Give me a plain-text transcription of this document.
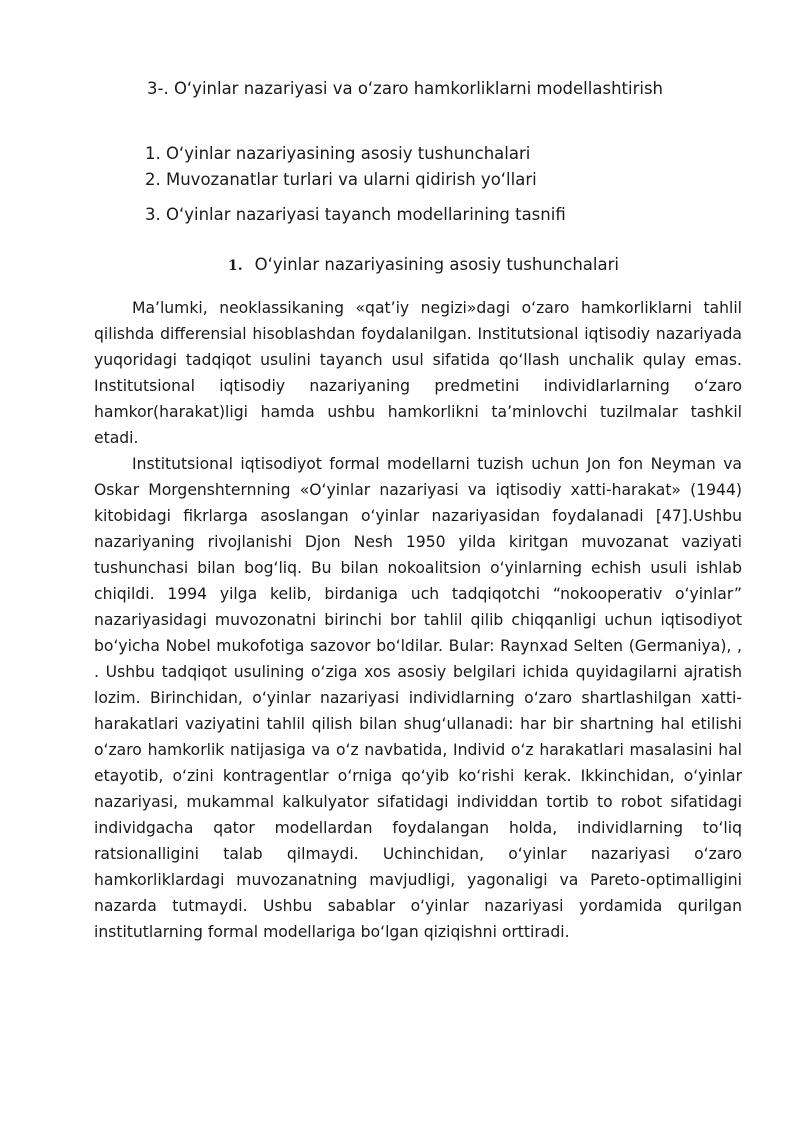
3-. O‘yinlar nazariyasi va o‘zaro hamkorliklarni modellashtirish
1. O‘yinlar nazariyasining asosiy tushunchalari
2. Muvozanatlar turlari va ularni qidirish yo‘llari
3. O‘yinlar nazariyasi tayanch modellarining tasnifi
1. O‘yinlar nazariyasining asosiy tushunchalari

Ma’lumki, neoklassikaning «qat’iy negizi»dagi o‘zaro hamkorliklarni tahlil qilishda differensial hisoblashdan foydalanilgan. Institutsional iqtisodiy nazariyada yuqoridagi tadqiqot usulini tayanch usul sifatida qo‘llash unchalik qulay emas. Institutsional iqtisodiy nazariyaning predmetini individlarlarning o‘zaro hamkor(harakat)ligi hamda ushbu hamkorlikni ta’minlovchi tuzilmalar tashkil etadi.

Institutsional iqtisodiyot formal modellarni tuzish uchun Jon fon Neyman va Oskar Morgenshternning «O‘yinlar nazariyasi va iqtisodiy xatti-harakat» (1944) kitobidagi fikrlarga asoslangan o‘yinlar nazariyasidan foydalanadi [47].Ushbu nazariyaning rivojlanishi Djon Nesh 1950 yilda kiritgan muvozanat vaziyati tushunchasi bilan bog‘liq. Bu bilan nokoalitsion o‘yinlarning echish usuli ishlab chiqildi. 1994 yilga kelib, birdaniga uch tadqiqotchi “nokooperativ o‘yinlar” nazariyasidagi muvozonatni birinchi bor tahlil qilib chiqqanligi uchun iqtisodiyot bo‘yicha Nobel mukofotiga sazovor bo‘ldilar. Bular: Raynxad Selten (Germaniya), , . Ushbu tadqiqot usulining o‘ziga xos asosiy belgilari ichida quyidagilarni ajratish lozim. Birinchidan, o‘yinlar nazariyasi individlarning o‘zaro shartlashilgan xatti-harakatlari vaziyatini tahlil qilish bilan shug‘ullanadi: har bir shartning hal etilishi o‘zaro hamkorlik natijasiga va o‘z navbatida, Individ o‘z harakatlari masalasini hal etayotib, o‘zini kontragentlar o‘rniga qo‘yib ko‘rishi kerak. Ikkinchidan, o‘yinlar nazariyasi, mukammal kalkulyator sifatidagi individdan tortib to robot sifatidagi individgacha qator modellardan foydalangan holda, individlarning to‘liq ratsionalligini talab qilmaydi. Uchinchidan, o‘yinlar nazariyasi o‘zaro hamkorliklardagi muvozanatning mavjudligi, yagonaligi va Pareto-optimalligini nazarda tutmaydi. Ushbu sabablar o‘yinlar nazariyasi yordamida qurilgan institutlarning formal modellariga bo‘lgan qiziqishni orttiradi.
